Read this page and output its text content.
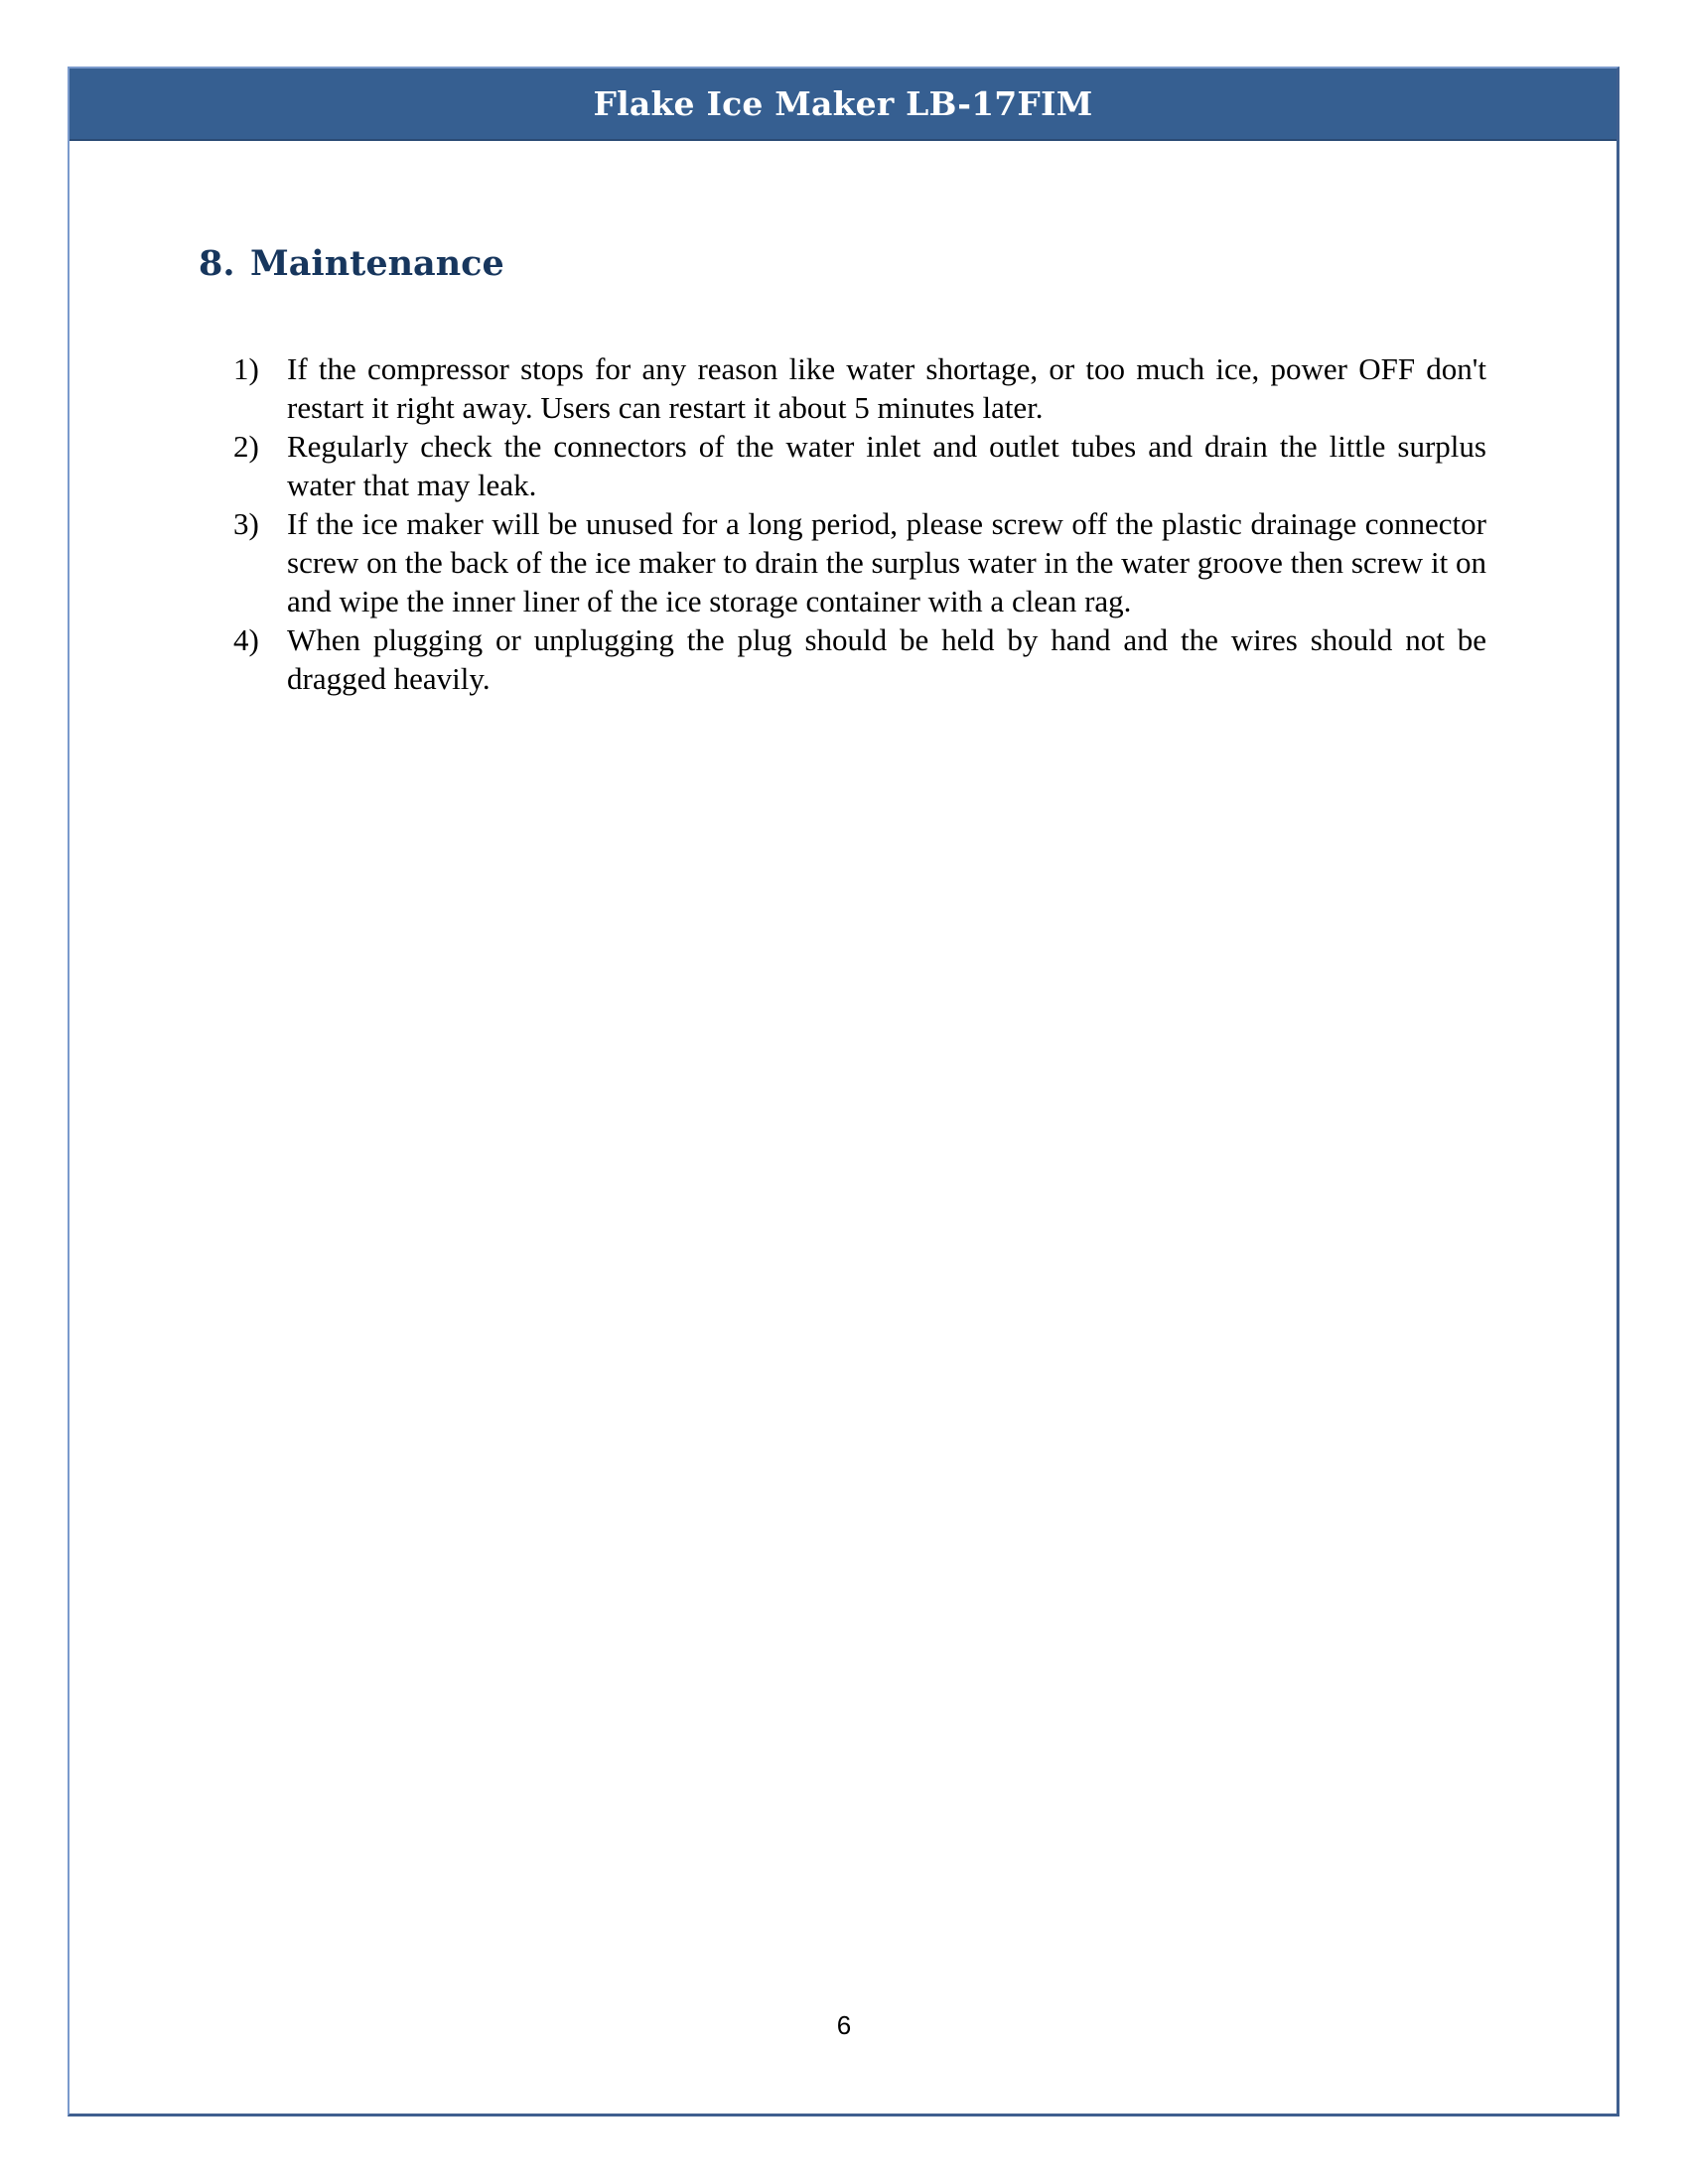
Flake Ice Maker LB-17FIM
8. Maintenance
1) If the compressor stops for any reason like water shortage, or too much ice, power OFF don't restart it right away. Users can restart it about 5 minutes later.
2) Regularly check the connectors of the water inlet and outlet tubes and drain the little surplus water that may leak.
3) If the ice maker will be unused for a long period, please screw off the plastic drainage connector screw on the back of the ice maker to drain the surplus water in the water groove then screw it on and wipe the inner liner of the ice storage container with a clean rag.
4) When plugging or unplugging the plug should be held by hand and the wires should not be dragged heavily.
6
